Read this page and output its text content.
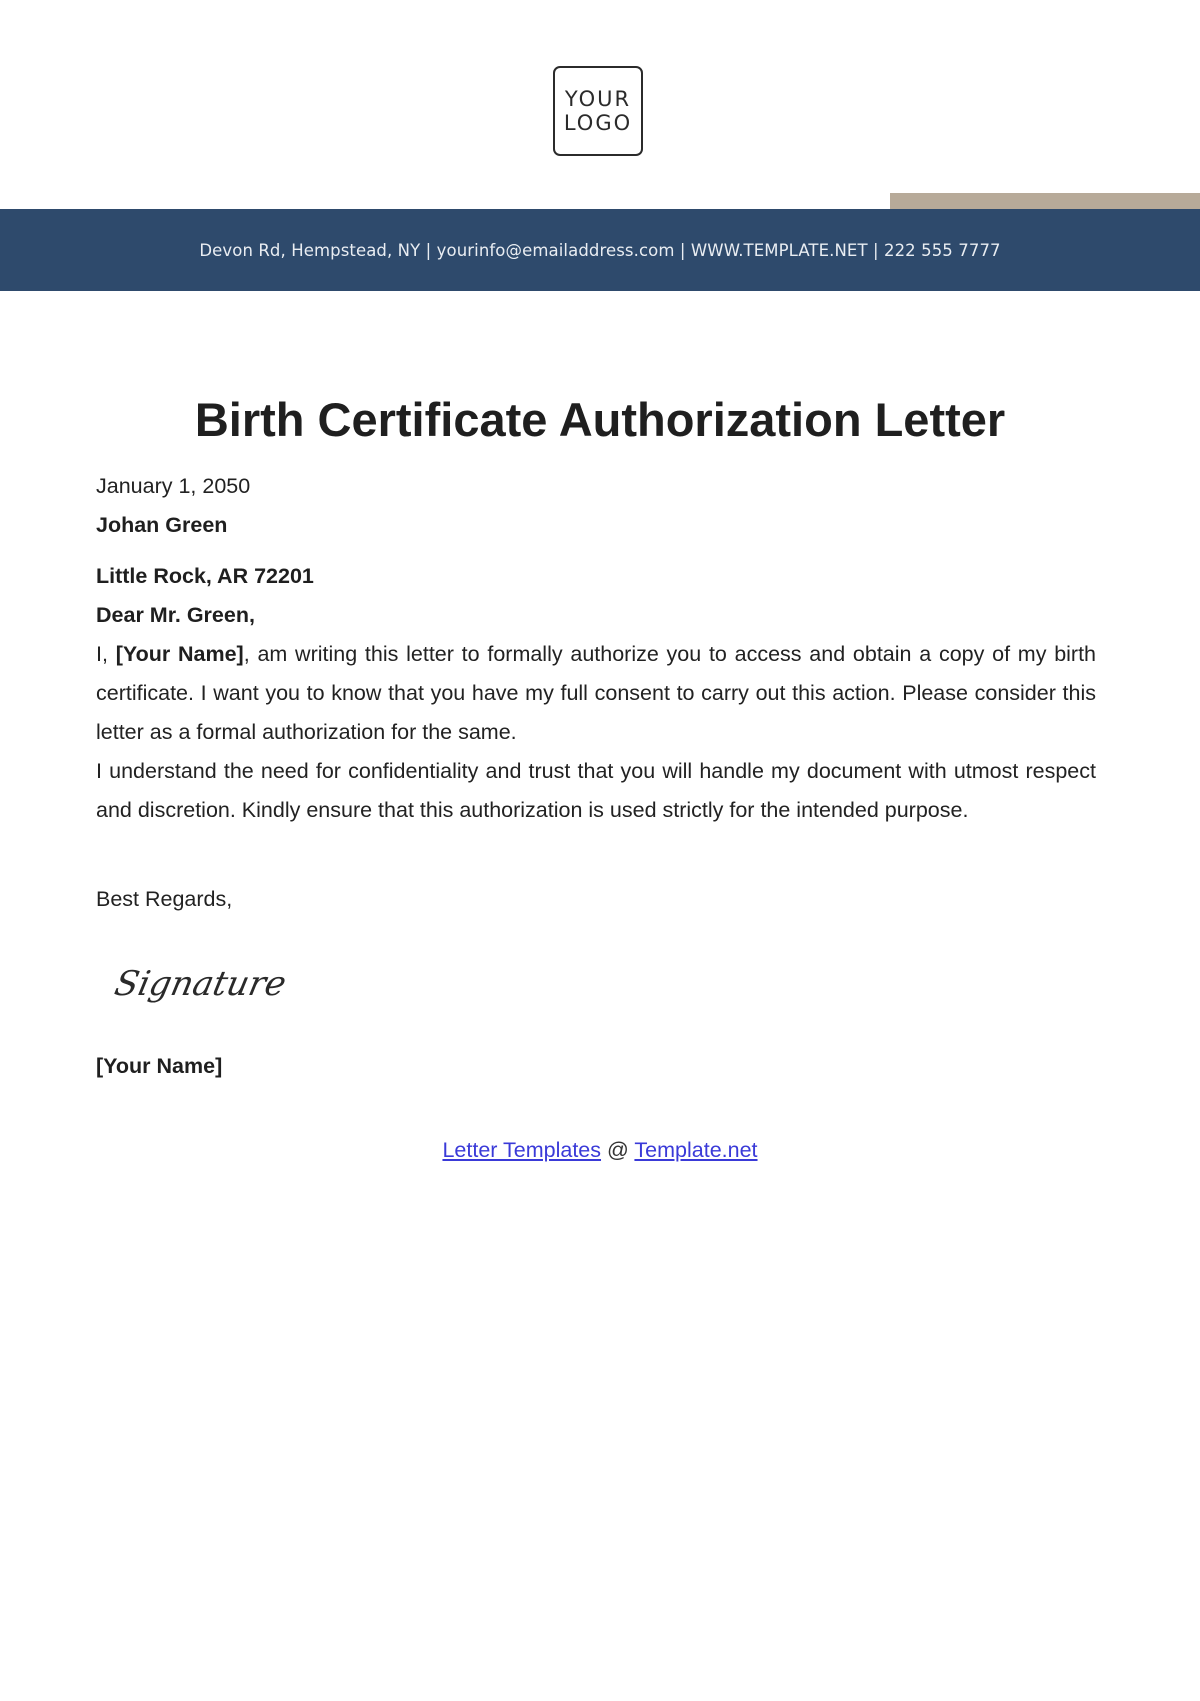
YOUR
LOGO
Devon Rd, Hempstead, NY | yourinfo@emailaddress.com | WWW.TEMPLATE.NET | 222 555 7777
Birth Certificate Authorization Letter

January 1, 2050

Johan Green

Little Rock, AR 72201

Dear Mr. Green,

I, [Your Name], am writing this letter to formally authorize you to access and obtain a copy of my birth certificate. I want you to know that you have my full consent to carry out this action. Please consider this letter as a formal authorization for the same.

I understand the need for confidentiality and trust that you will handle my document with utmost respect and discretion. Kindly ensure that this authorization is used strictly for the intended purpose.

Best Regards,

Signature

[Your Name]

Letter Templates @ Template.net
